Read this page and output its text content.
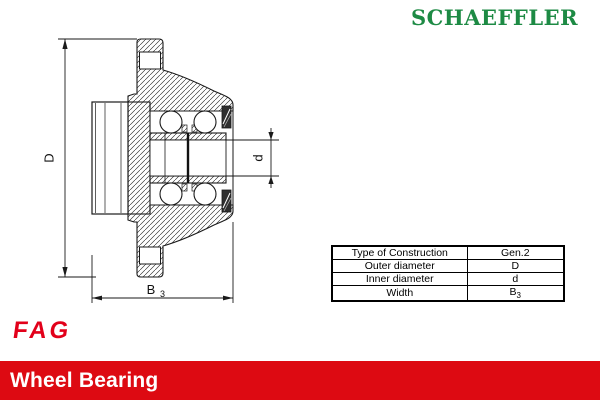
D	d
B 3
SCHAEFFLER
Type of Construction	Gen.2
Outer diameter	D
Inner diameter	d
Width	$B_3$
FAG
Wheel Bearing
